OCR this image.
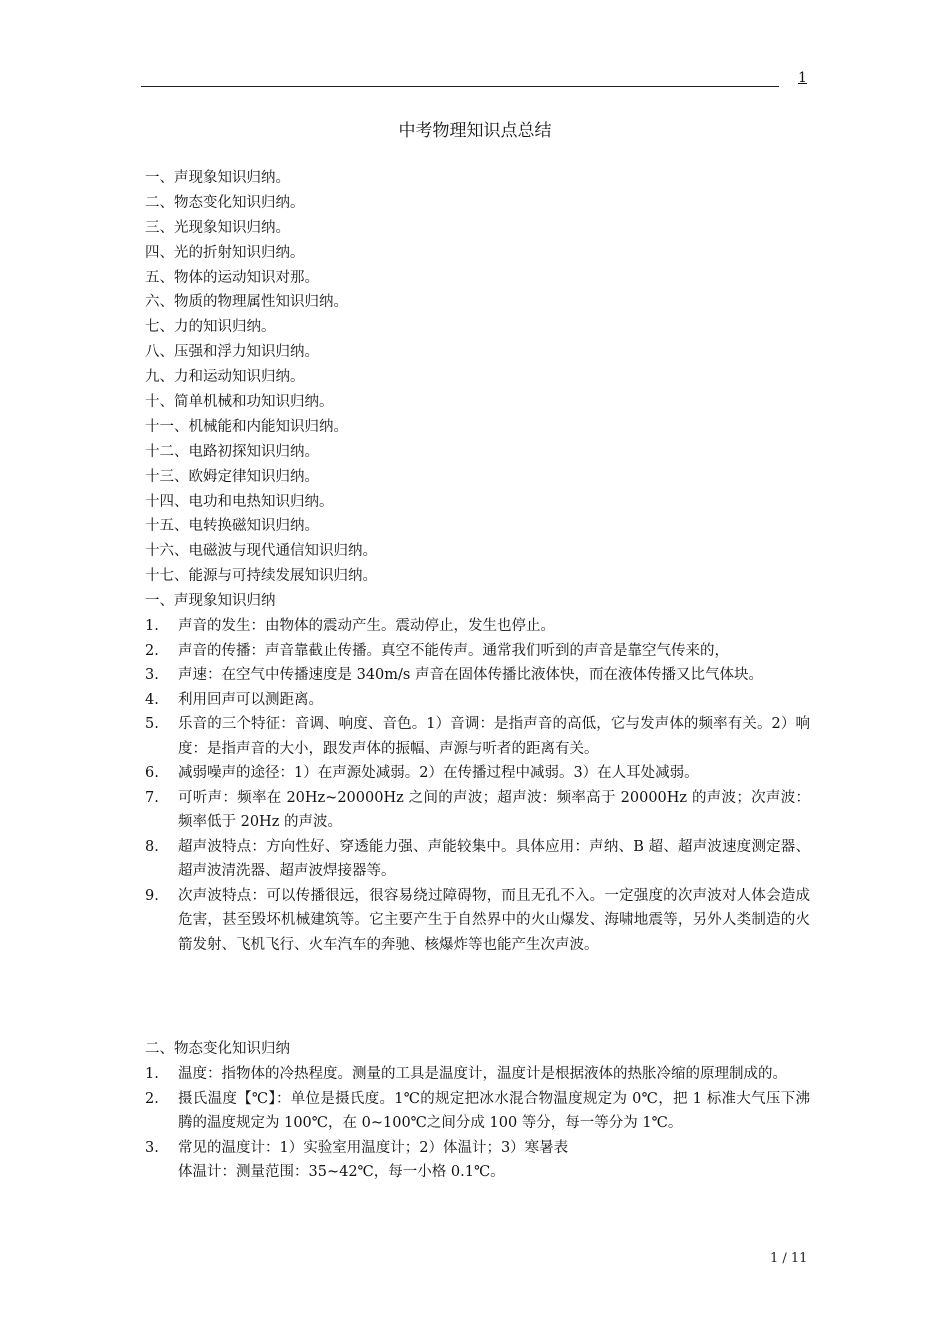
1
中考物理知识点总结
一、声现象知识归纳。
二、物态变化知识归纳。
三、光现象知识归纳。
四、光的折射知识归纳。
五、物体的运动知识对那。
六、物质的物理属性知识归纳。
七、力的知识归纳。
八、压强和浮力知识归纳。
九、力和运动知识归纳。
十、简单机械和功知识归纳。
十一、机械能和内能知识归纳。
十二、电路初探知识归纳。
十三、欧姆定律知识归纳。
十四、电功和电热知识归纳。
十五、电转换磁知识归纳。
十六、电磁波与现代通信知识归纳。
十七、能源与可持续发展知识归纳。
一、声现象知识归纳
1. 声音的发生：由物体的震动产生。震动停止，发生也停止。
2. 声音的传播：声音靠截止传播。真空不能传声。通常我们听到的声音是靠空气传来的，
3. 声速：在空气中传播速度是 340m/s 声音在固体传播比液体快，而在液体传播又比气体块。
4. 利用回声可以测距离。
5. 乐音的三个特征：音调、响度、音色。1）音调：是指声音的高低，它与发声体的频率有关。2）响度：是指声音的大小，跟发声体的振幅、声源与听者的距离有关。
6. 减弱噪声的途径：1）在声源处减弱。2）在传播过程中减弱。3）在人耳处减弱。
7. 可听声：频率在 20Hz~20000Hz 之间的声波；超声波：频率高于 20000Hz 的声波；次声波：频率低于 20Hz 的声波。
8. 超声波特点：方向性好、穿透能力强、声能较集中。具体应用：声纳、B 超、超声波速度测定器、超声波清洗器、超声波焊接器等。
9. 次声波特点：可以传播很远，很容易绕过障碍物，而且无孔不入。一定强度的次声波对人体会造成危害，甚至毁坏机械建筑等。它主要产生于自然界中的火山爆发、海啸地震等，另外人类制造的火箭发射、飞机飞行、火车汽车的奔驰、核爆炸等也能产生次声波。
二、物态变化知识归纳
1. 温度：指物体的冷热程度。测量的工具是温度计，温度计是根据液体的热胀冷缩的原理制成的。
2. 摄氏温度【℃】：单位是摄氏度。1℃的规定把冰水混合物温度规定为 0℃，把 1 标准大气压下沸腾的温度规定为 100℃，在 0~100℃之间分成 100 等分，每一等分为 1℃。
3. 常见的温度计：1）实验室用温度计；2）体温计；3）寒暑表
体温计：测量范围：35~42℃，每一小格 0.1℃。
1 / 11
